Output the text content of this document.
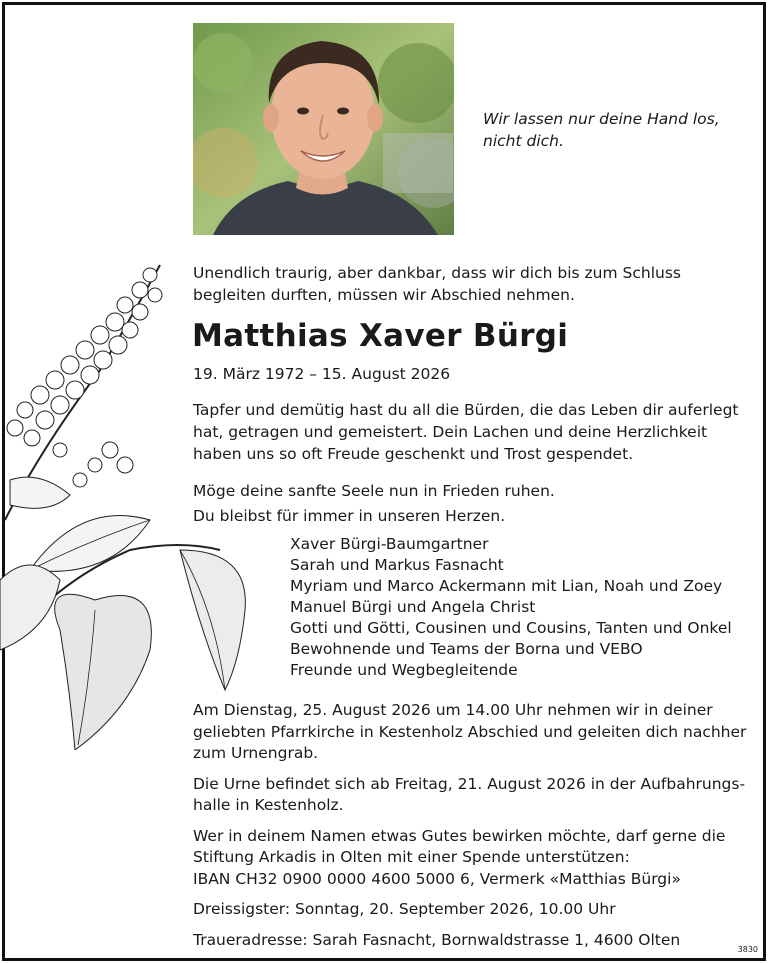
Wir lassen nur deine Hand los,
nicht dich.
Unendlich traurig, aber dankbar, dass wir dich bis zum Schluss
begleiten durften, müssen wir Abschied nehmen.
Matthias Xaver Bürgi
19. März 1972 – 15. August 2026
Tapfer und demütig hast du all die Bürden, die das Leben dir auferlegt
hat, getragen und gemeistert. Dein Lachen und deine Herzlichkeit
haben uns so oft Freude geschenkt und Trost gespendet.
Möge deine sanfte Seele nun in Frieden ruhen.
Du bleibst für immer in unseren Herzen.
Xaver Bürgi-Baumgartner
Sarah und Markus Fasnacht
Myriam und Marco Ackermann mit Lian, Noah und Zoey
Manuel Bürgi und Angela Christ
Gotti und Götti, Cousinen und Cousins, Tanten und Onkel
Bewohnende und Teams der Borna und VEBO
Freunde und Wegbegleitende

Am Dienstag, 25. August 2026 um 14.00 Uhr nehmen wir in deiner
geliebten Pfarrkirche in Kestenholz Abschied und geleiten dich nachher
zum Urnengrab.

Die Urne befindet sich ab Freitag, 21. August 2026 in der Aufbahrungs-
halle in Kestenholz.

Wer in deinem Namen etwas Gutes bewirken möchte, darf gerne die
Stiftung Arkadis in Olten mit einer Spende unterstützen:
IBAN CH32 0900 0000 4600 5000 6, Vermerk «Matthias Bürgi»

Dreissigster: Sonntag, 20. September 2026, 10.00 Uhr

Traueradresse: Sarah Fasnacht, Bornwaldstrasse 1, 4600 Olten

3830
